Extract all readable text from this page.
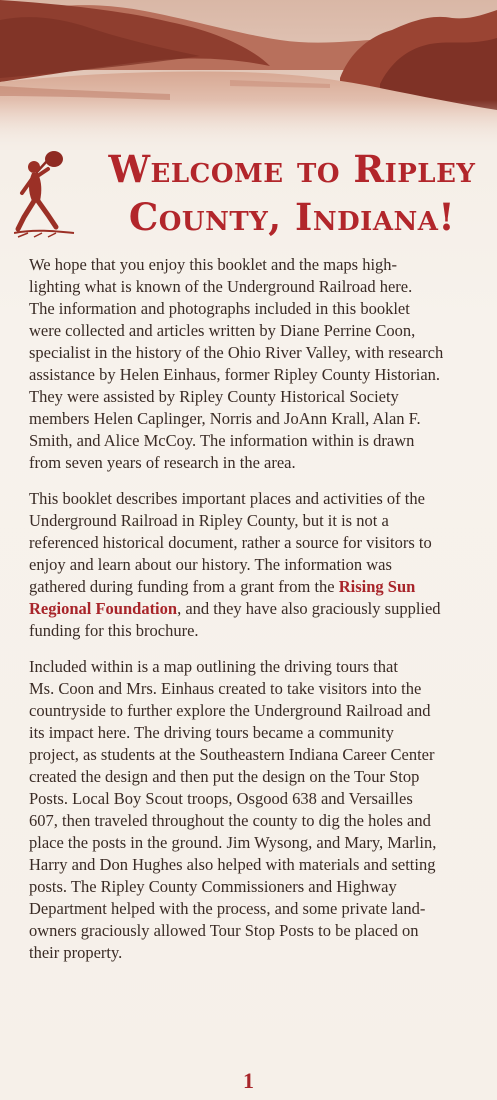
Welcome to Ripley
County, Indiana!

We hope that you enjoy this booklet and the maps high-
lighting what is known of the Underground Railroad here.
The information and photographs included in this booklet
were collected and articles written by Diane Perrine Coon,
specialist in the history of the Ohio River Valley, with research
assistance by Helen Einhaus, former Ripley County Historian.
They were assisted by Ripley County Historical Society
members Helen Caplinger, Norris and JoAnn Krall, Alan F.
Smith, and Alice McCoy. The information within is drawn
from seven years of research in the area.

This booklet describes important places and activities of the
Underground Railroad in Ripley County, but it is not a
referenced historical document, rather a source for visitors to
enjoy and learn about our history. The information was
gathered during funding from a grant from the Rising Sun
Regional Foundation, and they have also graciously supplied
funding for this brochure.

Included within is a map outlining the driving tours that
Ms. Coon and Mrs. Einhaus created to take visitors into the
countryside to further explore the Underground Railroad and
its impact here. The driving tours became a community
project, as students at the Southeastern Indiana Career Center
created the design and then put the design on the Tour Stop
Posts. Local Boy Scout troops, Osgood 638 and Versailles
607, then traveled throughout the county to dig the holes and
place the posts in the ground. Jim Wysong, and Mary, Marlin,
Harry and Don Hughes also helped with materials and setting
posts. The Ripley County Commissioners and Highway
Department helped with the process, and some private land-
owners graciously allowed Tour Stop Posts to be placed on
their property.

1
